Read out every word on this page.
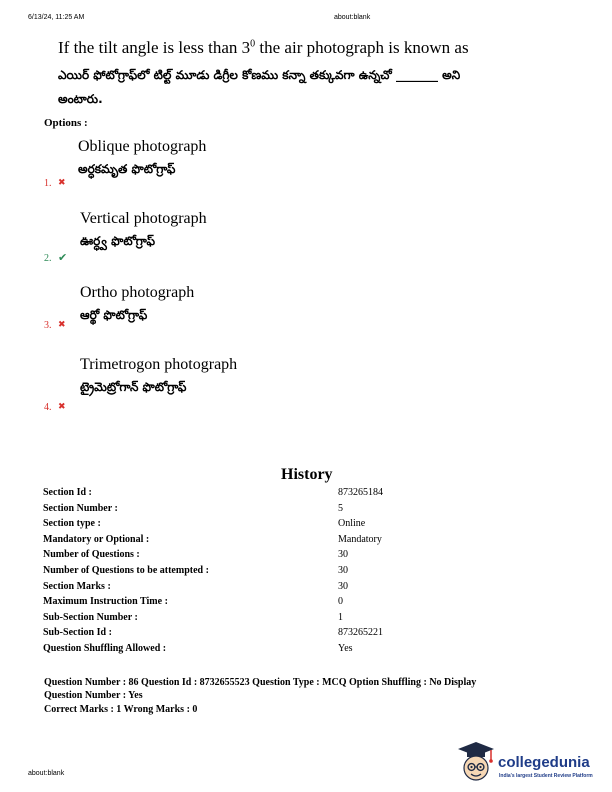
6/13/24, 11:25 AM	about:blank
If the tilt angle is less than $3^0$ the air photograph is known as
ఎయిర్ ఫోటోగ్రాఫ్‌లో టిల్ట్ మూడు డిగ్రీల కోణము కన్నా తక్కువగా ఉన్నచో _______ అని
అంటారు.
Options :
Oblique photograph
అర్ధకమృత ఫొటోగ్రాఫ్
1. ✖
Vertical photograph
ఊర్ధ్వ ఫొటోగ్రాఫ్
2. ✔
Ortho photograph
ఆర్థో ఫొటోగ్రాఫ్
3. ✖
Trimetrogon photograph
ట్రైమెట్రోగాన్ ఫొటోగ్రాఫ్
4. ✖
History
Section Id :	873265184
Section Number :	5
Section type :	Online
Mandatory or Optional :	Mandatory
Number of Questions :	30
Number of Questions to be attempted :	30
Section Marks :	30
Maximum Instruction Time :	0
Sub-Section Number :	1
Sub-Section Id :	873265221
Question Shuffling Allowed :	Yes
Question Number : 86 Question Id : 8732655523 Question Type : MCQ Option Shuffling : No Display
Question Number : Yes
Correct Marks : 1 Wrong Marks : 0
about:blank
collegedunia
India's largest Student Review Platform
